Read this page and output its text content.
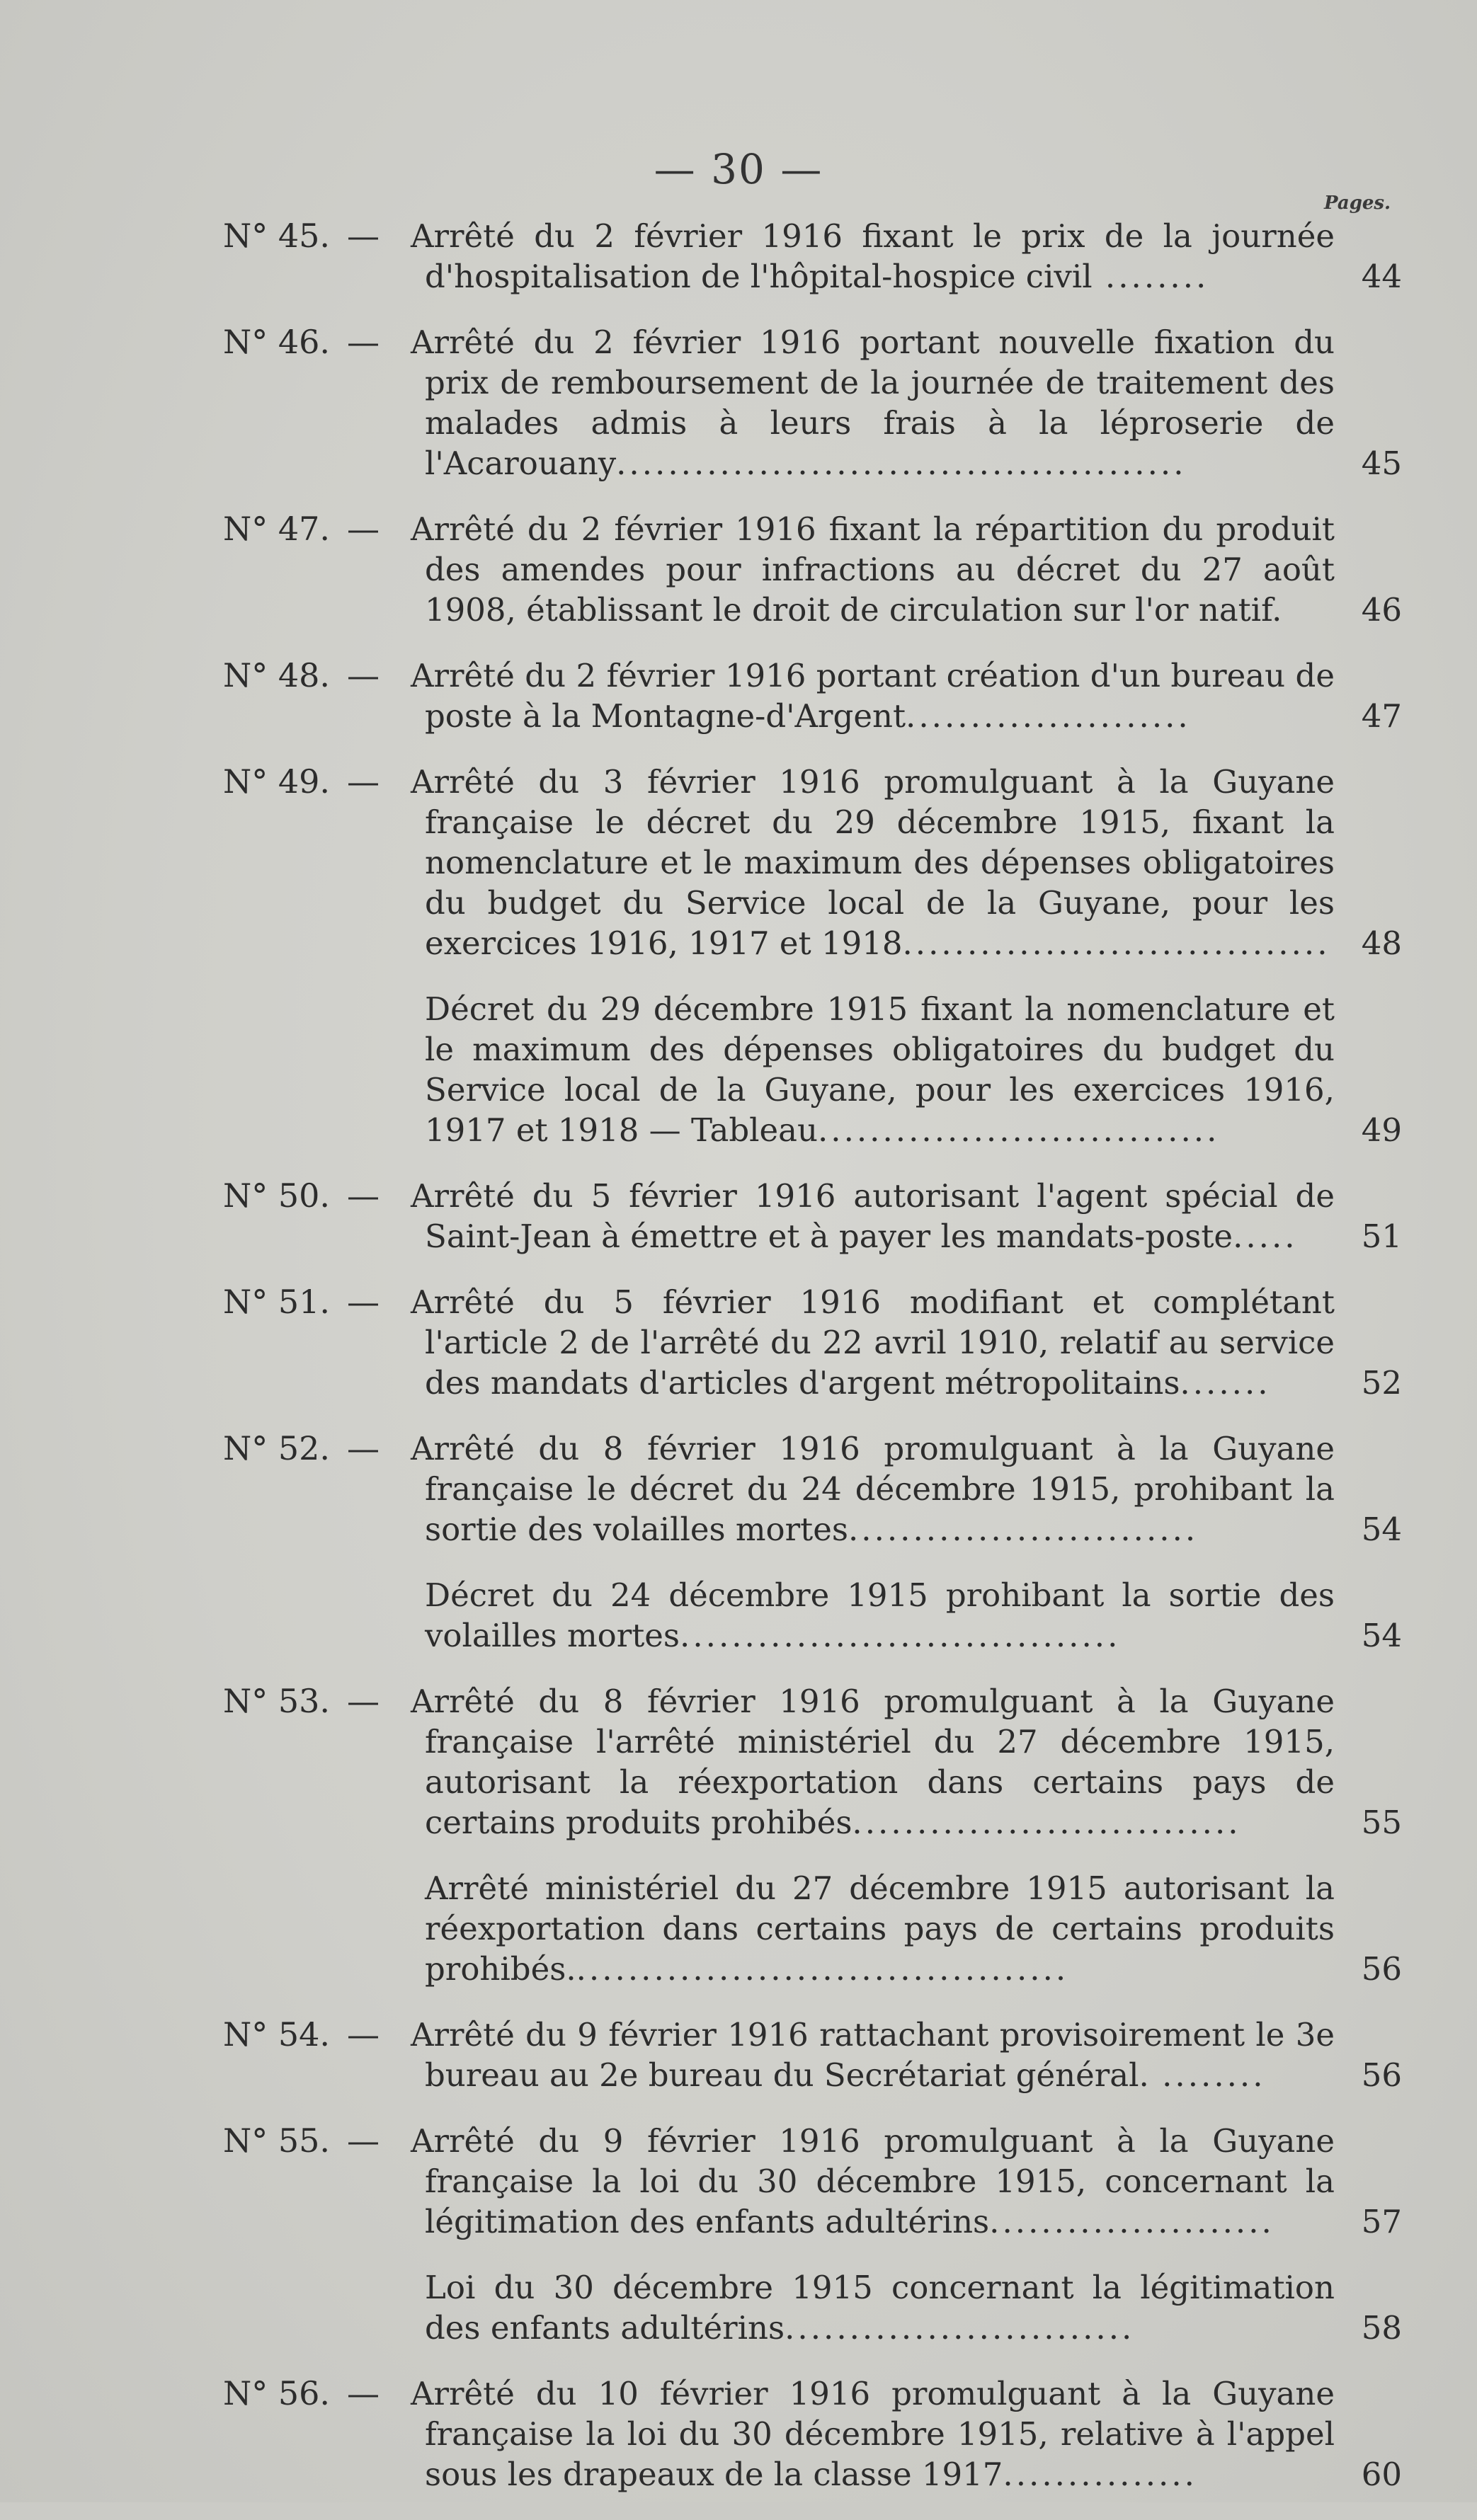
— 30 —
Pages.
N° 45. — Arrêté du 2 février 1916 fixant le prix de la journée d'hospitalisation de l'hôpital-hospice civil ........	44
N° 46. — Arrêté du 2 février 1916 portant nouvelle fixation du prix de remboursement de la journée de traitement des malades admis à leurs frais à la léproserie de l'Acarouany............................................	45
N° 47. — Arrêté du 2 février 1916 fixant la répartition du produit des amendes pour infractions au décret du 27 août 1908, établissant le droit de circulation sur l'or natif.	46
N° 48. — Arrêté du 2 février 1916 portant création d'un bureau de poste à la Montagne-d'Argent......................	47
N° 49. — Arrêté du 3 février 1916 promulguant à la Guyane française le décret du 29 décembre 1915, fixant la nomenclature et le maximum des dépenses obligatoires du budget du Service local de la Guyane, pour les exercices 1916, 1917 et 1918................................. 48
Décret du 29 décembre 1915 fixant la nomenclature et le maximum des dépenses obligatoires du budget du Service local de la Guyane, pour les exercices 1916, 1917 et 1918 — Tableau...............................	49
N° 50. — Arrêté du 5 février 1916 autorisant l'agent spécial de Saint-Jean à émettre et à payer les mandats-poste.....	51
N° 51. — Arrêté du 5 février 1916 modifiant et complétant l'article 2 de l'arrêté du 22 avril 1910, relatif au service des mandats d'articles d'argent métropolitains.......	52
N° 52. — Arrêté du 8 février 1916 promulguant à la Guyane française le décret du 24 décembre 1915, prohibant la sortie des volailles mortes...........................	54
Décret du 24 décembre 1915 prohibant la sortie des volailles mortes..................................	54
N° 53. — Arrêté du 8 février 1916 promulguant à la Guyane française l'arrêté ministériel du 27 décembre 1915, autorisant la réexportation dans certains pays de certains produits prohibés..............................	55
Arrêté ministériel du 27 décembre 1915 autorisant la réexportation dans certains pays de certains produits prohibés.......................................	56
N° 54. — Arrêté du 9 février 1916 rattachant provisoirement le 3e bureau au 2e bureau du Secrétariat général. ........	56
N° 55. — Arrêté du 9 février 1916 promulguant à la Guyane française la loi du 30 décembre 1915, concernant la légitimation des enfants adultérins......................	57
Loi du 30 décembre 1915 concernant la légitimation des enfants adultérins...........................	58
N° 56. — Arrêté du 10 février 1916 promulguant à la Guyane française la loi du 30 décembre 1915, relative à l'appel sous les drapeaux de la classe 1917...............	60
